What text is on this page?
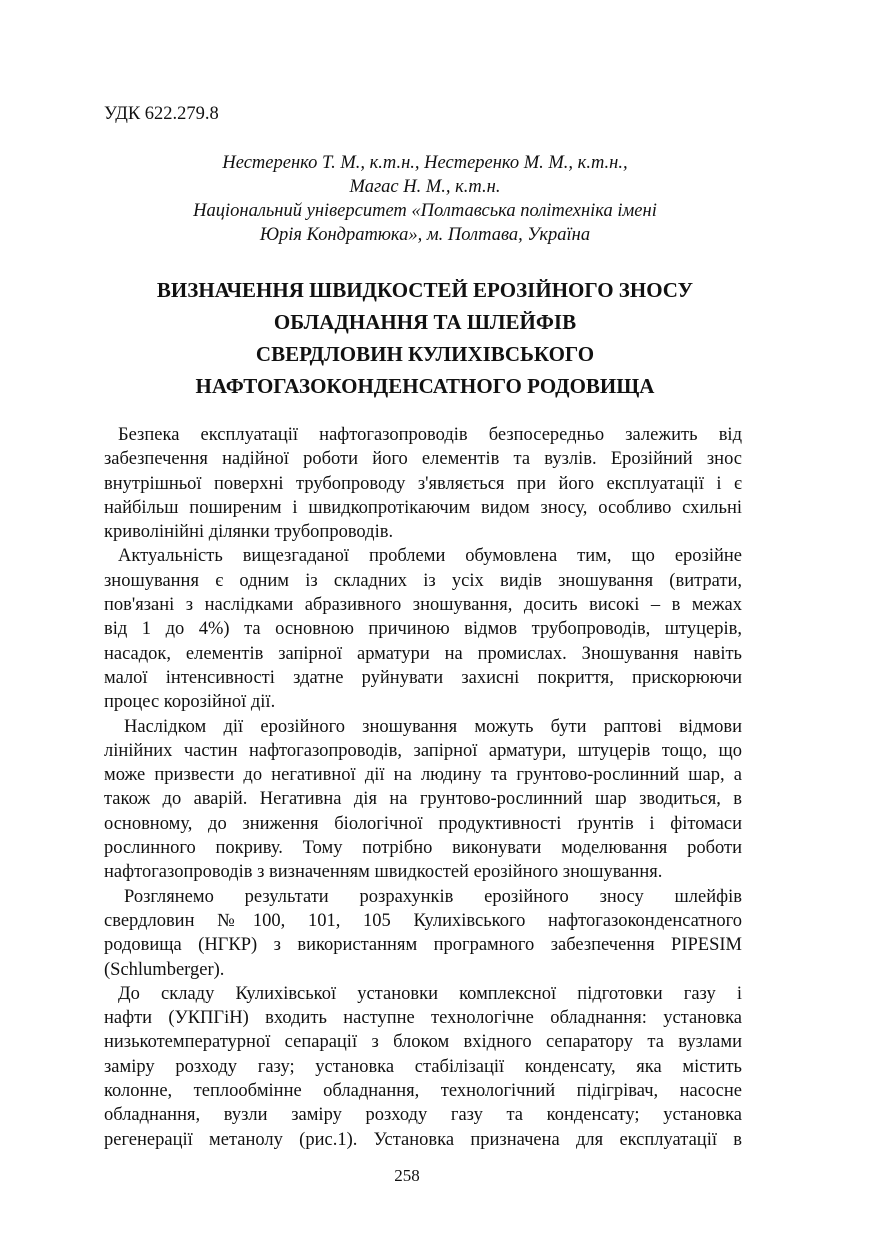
УДК 622.279.8
Нестеренко Т. М., к.т.н., Нестеренко М. М., к.т.н.,
Магас Н. М., к.т.н.
Національний університет «Полтавська політехніка імені
Юрія Кондратюка», м. Полтава, Україна
ВИЗНАЧЕННЯ ШВИДКОСТЕЙ ЕРОЗІЙНОГО ЗНОСУ
ОБЛАДНАННЯ ТА ШЛЕЙФІВ
СВЕРДЛОВИН КУЛИХІВСЬКОГО
НАФТОГАЗОКОНДЕНСАТНОГО РОДОВИЩА
Безпека експлуатації нафтогазопроводів безпосередньо залежить від
забезпечення надійної роботи його елементів та вузлів. Ерозійний знос
внутрішньої поверхні трубопроводу з'являється при його експлуатації і є
найбільш поширеним і швидкопротікаючим видом зносу, особливо схильні
криволінійні ділянки трубопроводів.
Актуальність вищезгаданої проблеми обумовлена тим, що ерозійне
зношування є одним із складних із усіх видів зношування (витрати,
пов'язані з наслідками абразивного зношування, досить високі – в межах
від 1 до 4%) та основною причиною відмов трубопроводів, штуцерів,
насадок, елементів запірної арматури на промислах. Зношування навіть
малої інтенсивності здатне руйнувати захисні покриття, прискорюючи
процес корозійної дії.
Наслідком дії ерозійного зношування можуть бути раптові відмови
лінійних частин нафтогазопроводів, запірної арматури, штуцерів тощо, що
може призвести до негативної дії на людину та грунтово-рослинний шар, а
також до аварій. Негативна дія на грунтово-рослинний шар зводиться, в
основному, до зниження біологічної продуктивності ґрунтів і фітомаси
рослинного покриву. Тому потрібно виконувати моделювання роботи
нафтогазопроводів з визначенням швидкостей ерозійного зношування.
Розглянемо результати розрахунків ерозійного зносу шлейфів
свердловин №100, 101, 105 Кулихівського нафтогазоконденсатного
родовища (НГКР) з використанням програмного забезпечення PIPESIM
(Schlumberger).
До складу Кулихівської установки комплексної підготовки газу і
нафти (УКПГіН) входить наступне технологічне обладнання: установка
низькотемпературної сепарації з блоком вхідного сепаратору та вузлами
заміру розходу газу; установка стабілізації конденсату, яка містить
колонне, теплообмінне обладнання, технологічний підігрівач, насосне
обладнання, вузли заміру розходу газу та конденсату; установка
регенерації метанолу (рис.1). Установка призначена для експлуатації в
258
